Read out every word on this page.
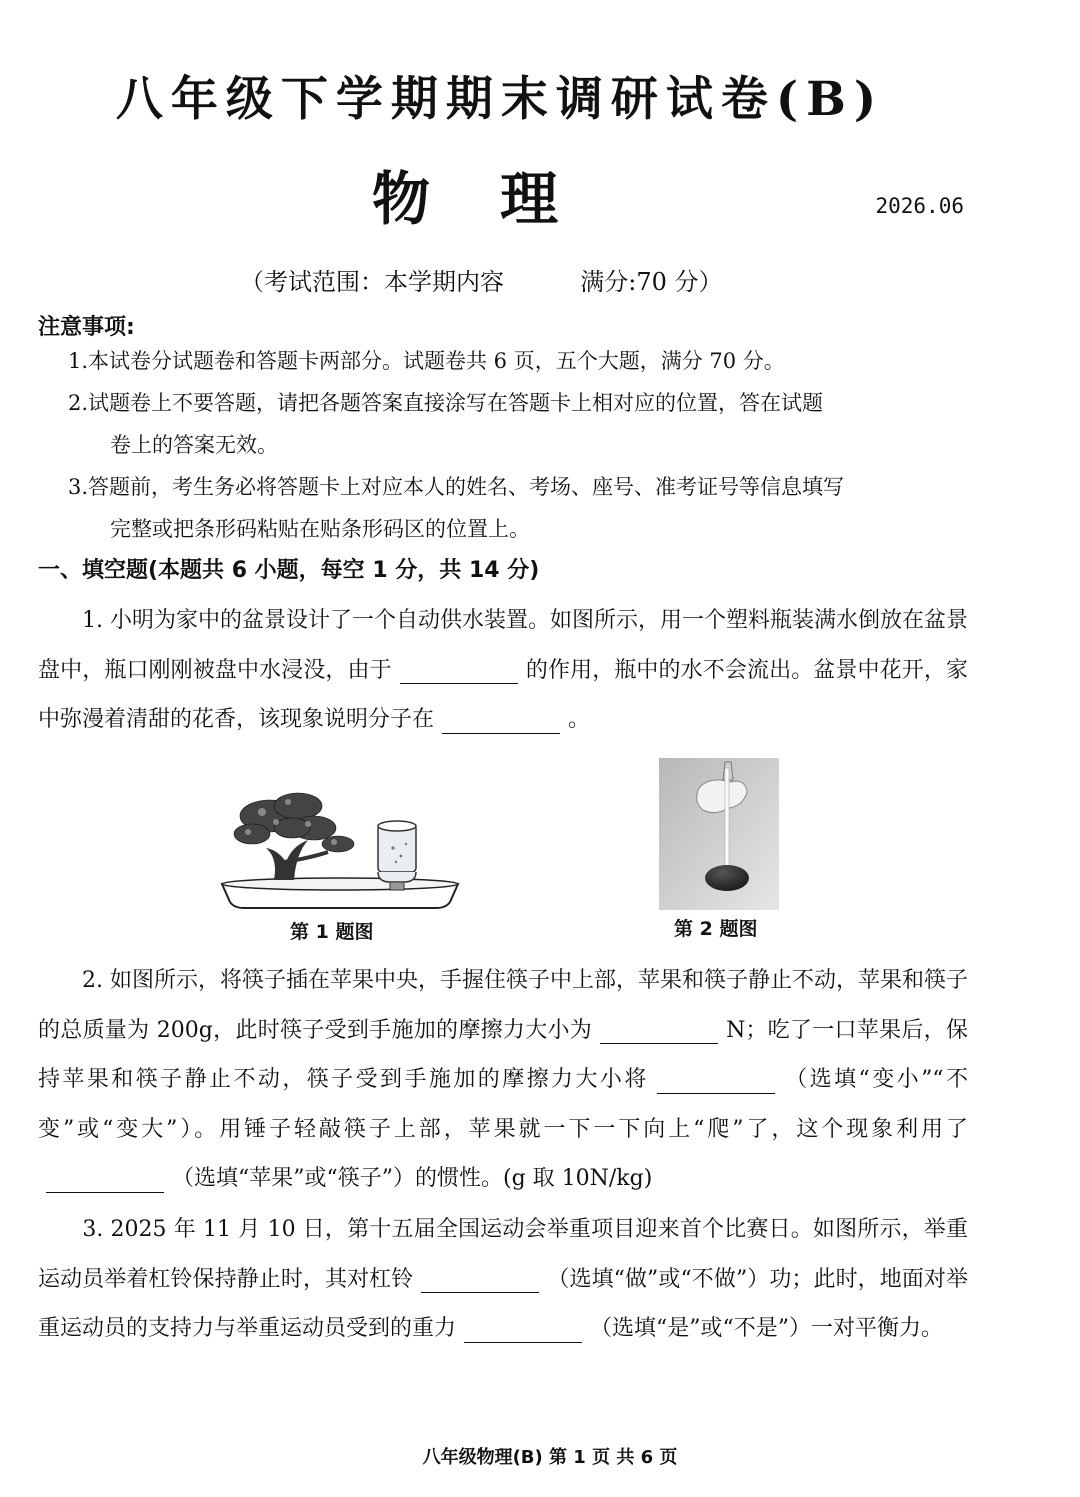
八年级下学期期末调研试卷(B)
物理	2026.06
（考试范围：本学期内容          满分:70 分）
注意事项:
1.本试卷分试题卷和答题卡两部分。试题卷共 6 页，五个大题，满分 70 分。
2.试题卷上不要答题，请把各题答案直接涂写在答题卡上相对应的位置，答在试题
卷上的答案无效。
3.答题前，考生务必将答题卡上对应本人的姓名、考场、座号、准考证号等信息填写
完整或把条形码粘贴在贴条形码区的位置上。
一、填空题(本题共 6 小题，每空 1 分，共 14 分)

　　1. 小明为家中的盆景设计了一个自动供水装置。如图所示，用一个塑料瓶装满水倒放在盆景盘中，瓶口刚刚被盘中水浸没，由于	的作用，瓶中的水不会流出。盆景中花开，家中弥漫着清甜的花香，该现象说明分子在	。

第 1 题图	第 2 题图

　　2. 如图所示，将筷子插在苹果中央，手握住筷子中上部，苹果和筷子静止不动，苹果和筷子的总质量为 200g，此时筷子受到手施加的摩擦力大小为	N；吃了一口苹果后，保持苹果和筷子静止不动，筷子受到手施加的摩擦力大小将	（选填“变小”“不变”或“变大”）。用锤子轻敲筷子上部，苹果就一下一下向上“爬”了，这个现象利用了（选填“苹果”或“筷子”）的惯性。(g 取 10N/kg)

　　3. 2025 年 11 月 10 日，第十五届全国运动会举重项目迎来首个比赛日。如图所示，举重运动员举着杠铃保持静止时，其对杠铃	（选填“做”或“不做”）功；此时，地面对举重运动员的支持力与举重运动员受到的重力	（选填“是”或“不是”）一对平衡力。

八年级物理(B) 第 1 页 共 6 页
